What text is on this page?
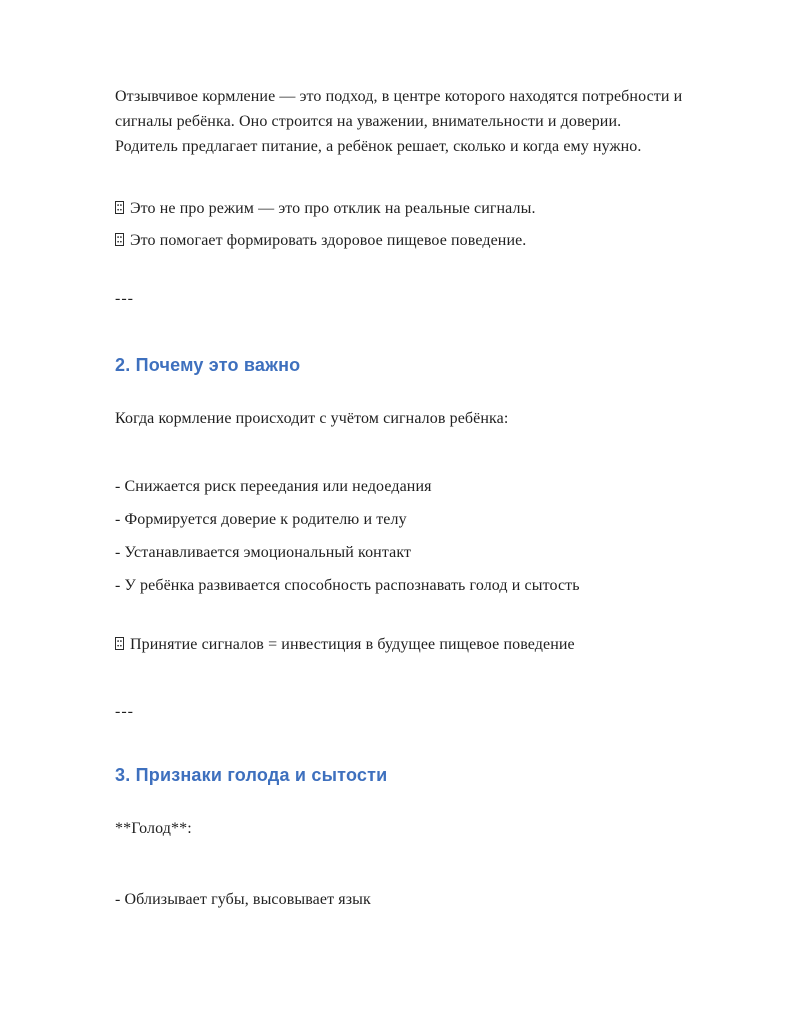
Отзывчивое кормление — это подход, в центре которого находятся потребности и сигналы ребёнка. Оно строится на уважении, внимательности и доверии. Родитель предлагает питание, а ребёнок решает, сколько и когда ему нужно.

Это не про режим — это про отклик на реальные сигналы.

Это помогает формировать здоровое пищевое поведение.

---

2. Почему это важно

Когда кормление происходит с учётом сигналов ребёнка:

- Снижается риск переедания или недоедания

- Формируется доверие к родителю и телу

- Устанавливается эмоциональный контакт

- У ребёнка развивается способность распознавать голод и сытость

Принятие сигналов = инвестиция в будущее пищевое поведение

---

3. Признаки голода и сытости

**Голод**:

- Облизывает губы, высовывает язык
